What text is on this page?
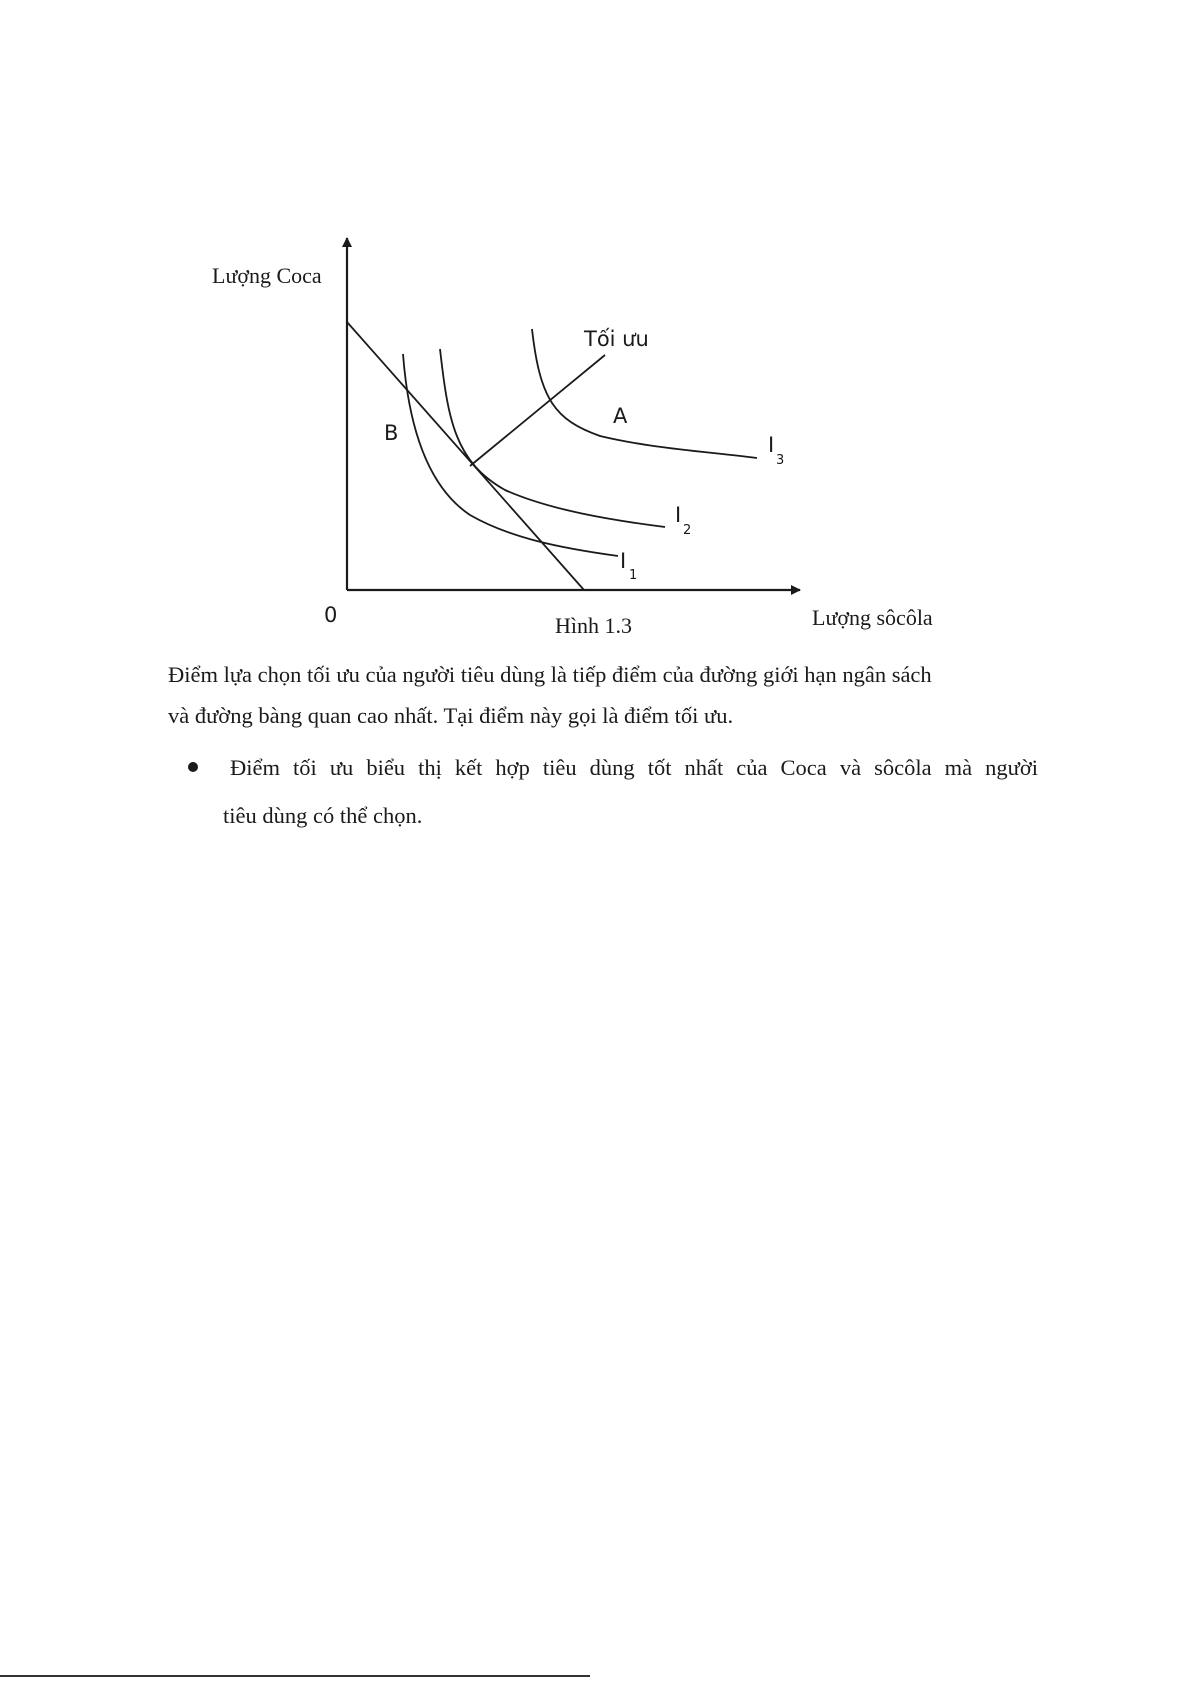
Lượng Coca
Lượng sôcôla
0
Tối ưu
A
B
I
1
I
2
I
3
Hình 1.3
Điểm lựa chọn tối ưu của người tiêu dùng là tiếp điểm của đường giới hạn ngân sách
và đường bàng quan cao nhất. Tại điểm này gọi là điểm tối ưu.
Điểm tối ưu biểu thị kết hợp tiêu dùng tốt nhất của Coca và sôcôla mà người
tiêu dùng có thể chọn.
